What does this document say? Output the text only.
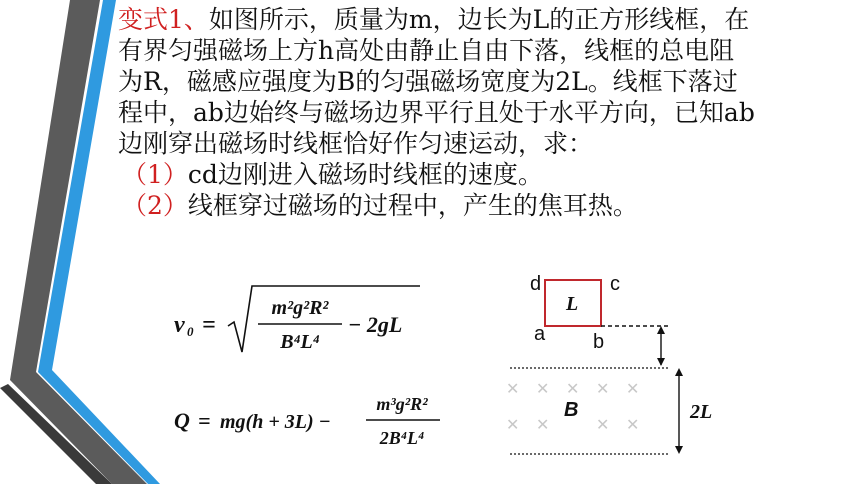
变式1、如图所示，质量为m，边长为L的正方形线框，在有界匀强磁场上方h高处由静止自由下落，线框的总电阻为R，磁感应强度为B的匀强磁场宽度为2L。线框下落过程中，ab边始终与磁场边界平行且处于水平方向，已知ab边刚穿出磁场时线框恰好作匀速运动，求：

（1）cd边刚进入磁场时线框的速度。

（2）线框穿过磁场的过程中，产生的焦耳热。

v 0 =
m²g²R²
B⁴L⁴
− 2gL
Q = mg(h + 3L) −
m³g²R²
2B⁴L⁴
d	c
a b
L
✕ ✕ ✕ ✕ ✕
✕ ✕	✕ ✕
B	2L
